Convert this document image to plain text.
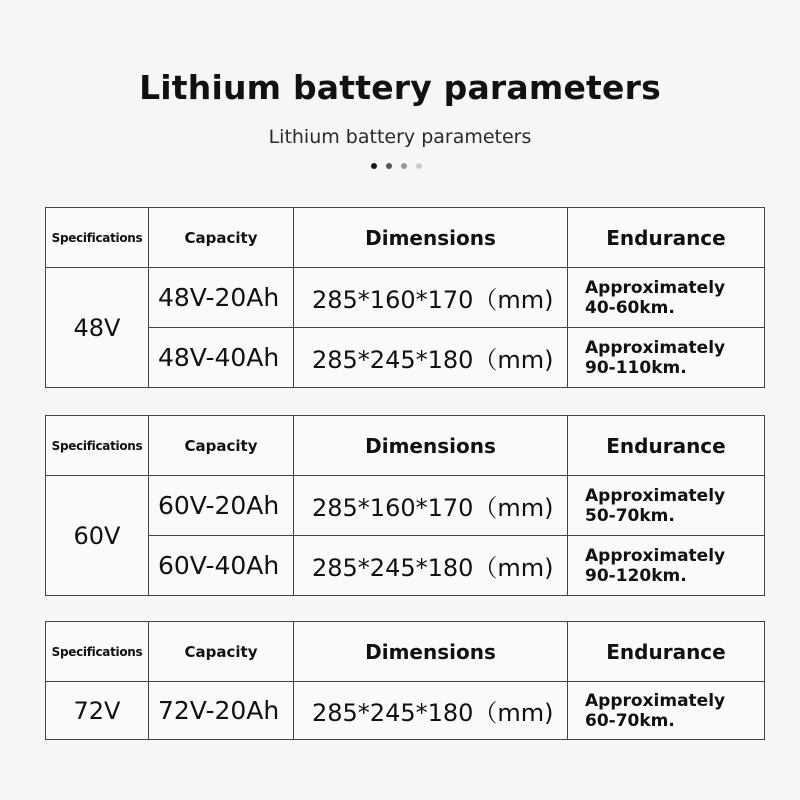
Lithium battery parameters
Lithium battery parameters
Specifications	Capacity	Dimensions	Endurance
48V	48V-20Ah	285*160*170（mm)	Approximately
40-60km.

	48V-40Ah	285*245*180（mm)	Approximately
90-110km.
Specifications	Capacity	Dimensions	Endurance
60V	60V-20Ah	285*160*170（mm)	Approximately
50-70km.

	60V-40Ah	285*245*180（mm)	Approximately
90-120km.
Specifications	Capacity	Dimensions	Endurance
72V	72V-20Ah	285*245*180（mm)	Approximately
60-70km.
